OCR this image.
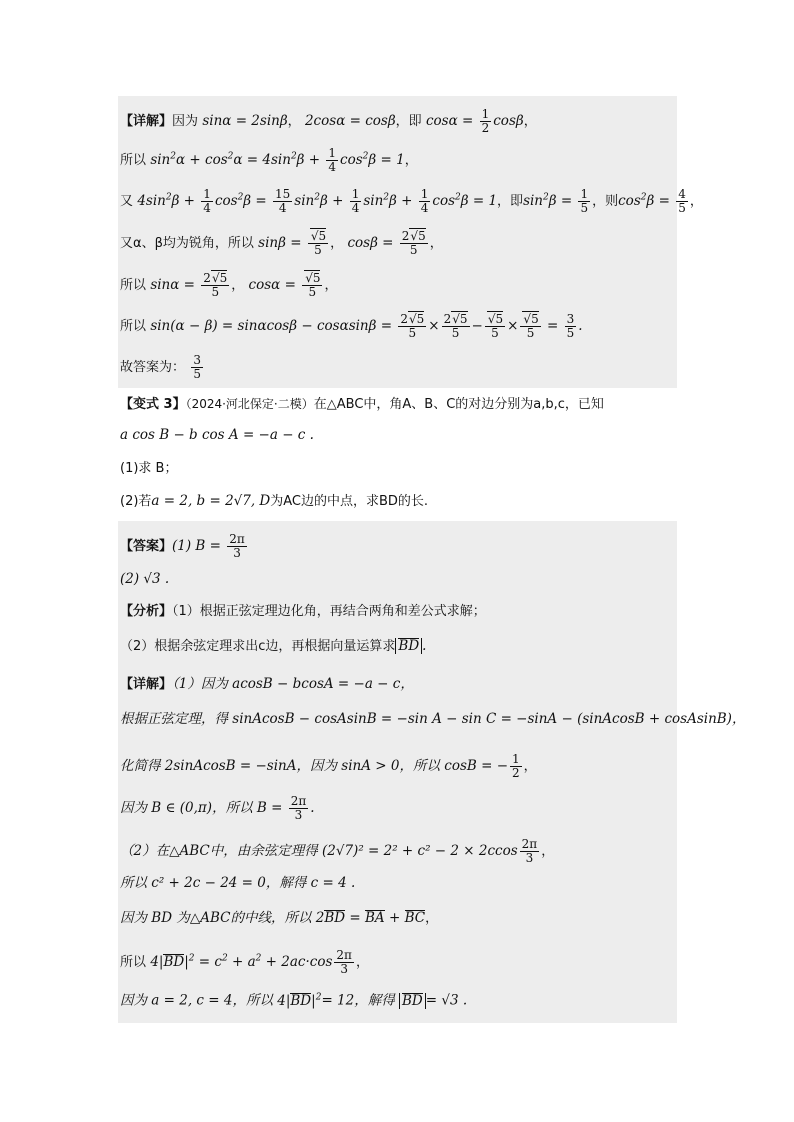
【详解】因为 sinα = 2sinβ， 2cosα = cosβ，即 $\cos\alpha = \frac{1}{2}$ cosβ，
所以 $\sin^2\alpha + \cos^2\alpha = 4\sin^2\beta + \frac{1}{4} \cos^2\beta = 1$，
又 $4\sin^2\beta + \frac{1}{4} \cos^2\beta = \frac{15}{4} \sin^2\beta + \frac{1}{4} \sin^2\beta + \frac{1}{4} \cos^2\beta = 1$，即$\sin^2\beta = \frac{1}{5}$ ，则$\cos^2\beta = \frac{4}{5}$ ，
又α、β均为锐角，所以 $\sin\beta = \frac{√5}{5}$ ， $\cos\beta = \frac{2√5}{5}$ ，
所以 $\sin\alpha = \frac{2√5}{5}$ ， $\cos\alpha = \frac{√5}{5}$ ，
所以 $\sin(\alpha - \beta) = \sin\alpha\cos\beta - \cos\alpha\sin\beta = \frac{2√5}{5} \times \frac{2√5}{5} - \frac{√5}{5} \times \frac{√5}{5} = \frac{3}{5}$ .
故答案为： $\frac{3}{5}$
【变式 3】（2024·河北保定·二模）在△ABC中，角A、B、C的对边分别为a,b,c，已知
a cos B − b cos A = −a − c .
(1)求 B；
(2)若a = 2, b = 2√7, D为AC边的中点，求BD的长.
【答案】(1) $B = \frac{2\pi}{3}$
(2) √3 .
【分析】（1）根据正弦定理边化角，再结合两角和差公式求解；
（2）根据余弦定理求出c边，再根据向量运算求 BD .
【详解】（1）因为 acosB − bcosA = −a − c，
根据正弦定理，得 sinAcosB − cosAsinB = −sin A − sin C = −sinA − (sinAcosB + cosAsinB)，
化简得 2sinAcosB = −sinA，因为 sinA > 0，所以 cosB = − $\frac{1}{2}$ ，
因为 B ∈ (0,π)，所以 $B = \frac{2\pi}{3}$ .
（2）在△ABC中，由余弦定理得 $(2√7)^2 = 2^2 + c^2 - 2 \times 2ccos \frac{2\pi}{3}$ ，
所以 c² + 2c − 24 = 0，解得 c = 4 .
因为 BD 为△ABC的中线，所以 2BD = BA + BC，
所以 $4|BD|^2 = c^2 + a^2 + 2ac\cdot\cos \frac{2\pi}{3}$ ，
因为 a = 2, c = 4，所以 $4|BD|^2= 12$，解得 BD = √3 .
